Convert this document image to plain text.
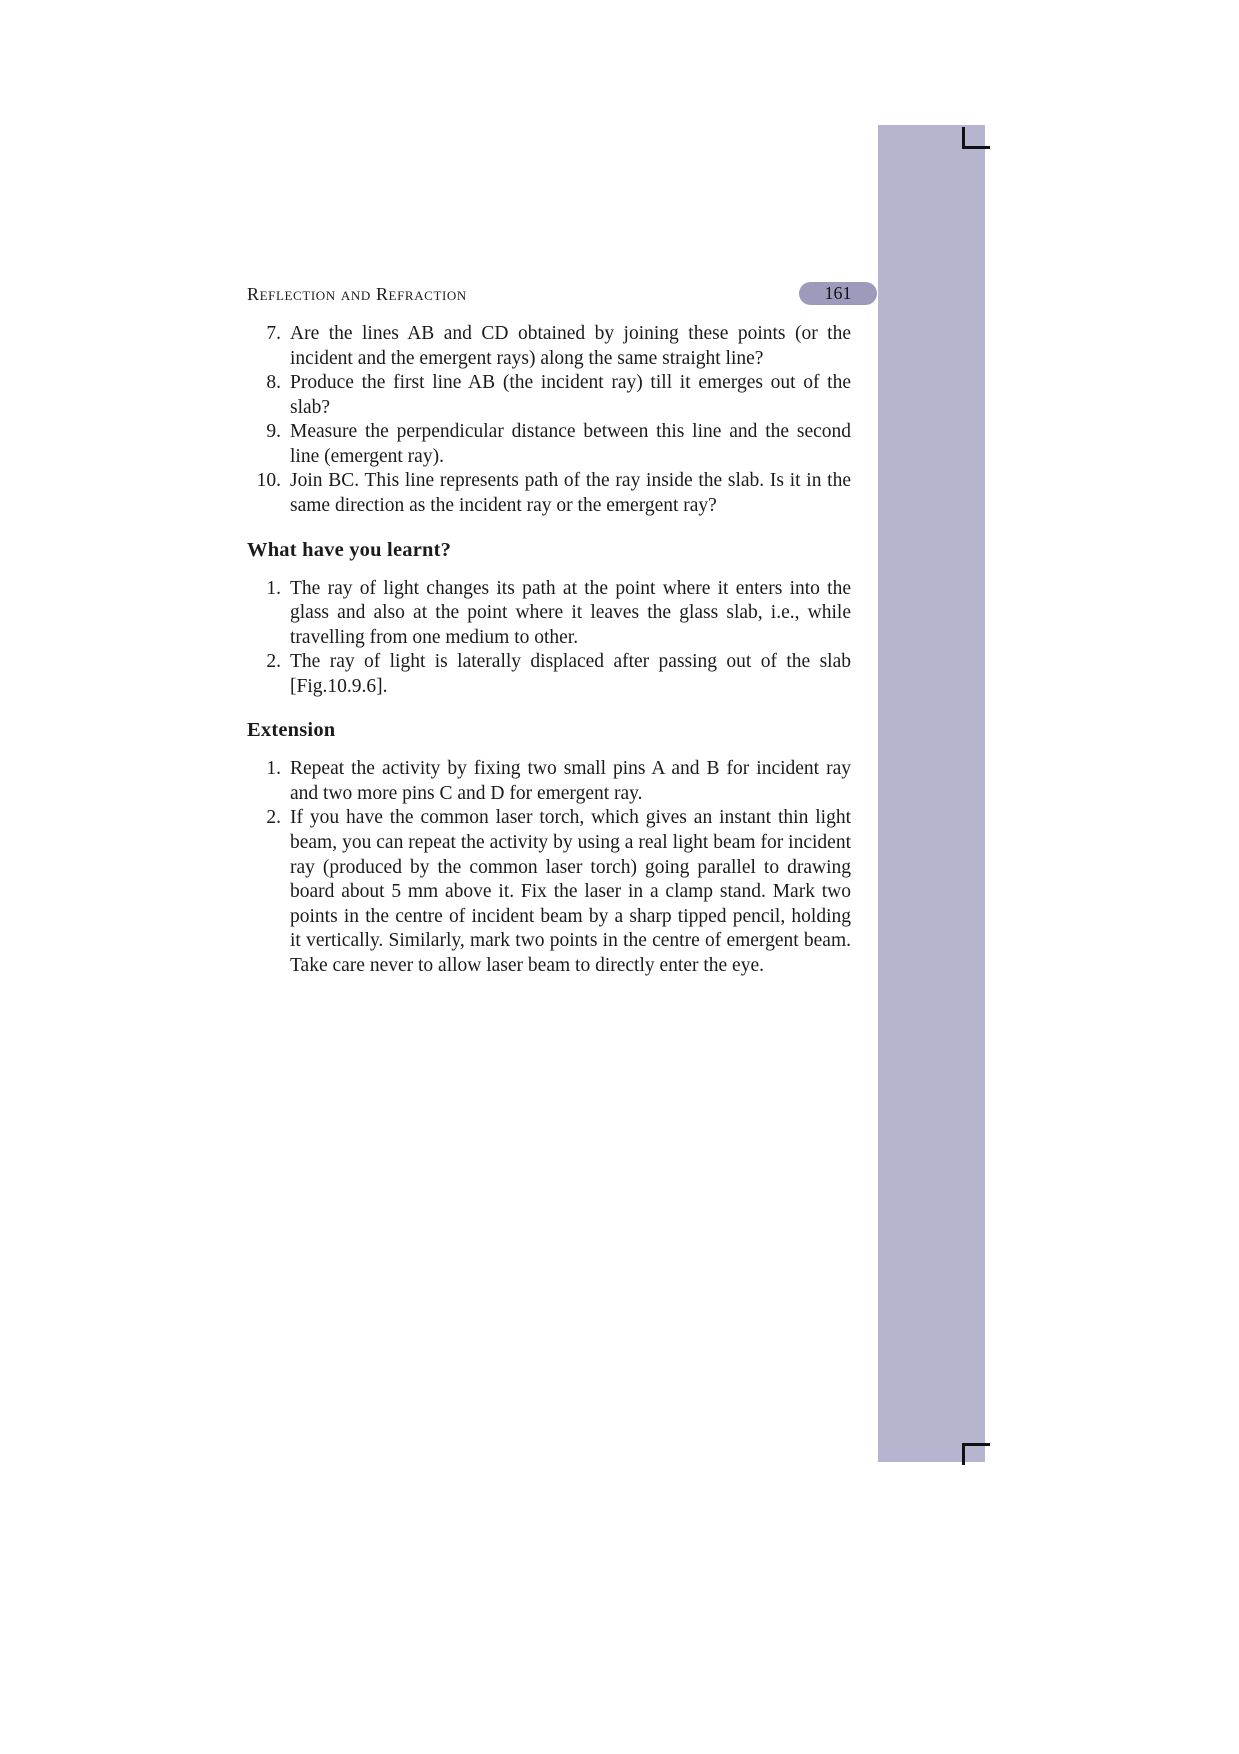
Reflection and Refraction	161
7. Are the lines AB and CD obtained by joining these points (or the incident and the emergent rays) along the same straight line?
8. Produce the first line AB (the incident ray) till it emerges out of the slab?
9. Measure the perpendicular distance between this line and the second line (emergent ray).
10. Join BC. This line represents path of the ray inside the slab. Is it in the same direction as the incident ray or the emergent ray?
What have you learnt?
1. The ray of light changes its path at the point where it enters into the glass and also at the point where it leaves the glass slab, i.e., while travelling from one medium to other.
2. The ray of light is laterally displaced after passing out of the slab [Fig.10.9.6].
Extension
1. Repeat the activity by fixing two small pins A and B for incident ray and two more pins C and D for emergent ray.
2. If you have the common laser torch, which gives an instant thin light beam, you can repeat the activity by using a real light beam for incident ray (produced by the common laser torch) going parallel to drawing board about 5 mm above it. Fix the laser in a clamp stand. Mark two points in the centre of incident beam by a sharp tipped pencil, holding it vertically. Similarly, mark two points in the centre of emergent beam. Take care never to allow laser beam to directly enter the eye.
